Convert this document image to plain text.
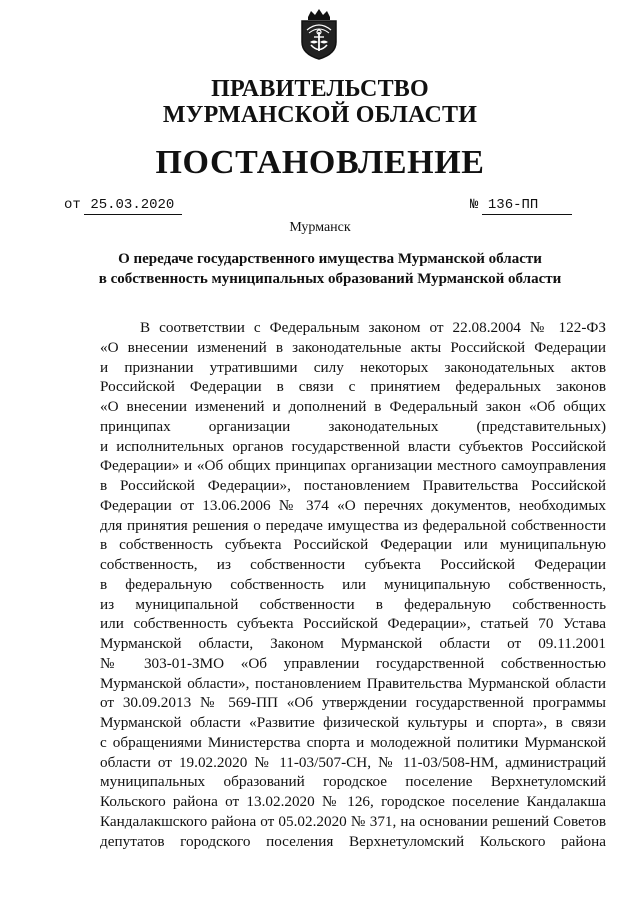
ПРАВИТЕЛЬСТВО
МУРМАНСКОЙ ОБЛАСТИ
ПОСТАНОВЛЕНИЕ
от 25.03.2020	№ 136-ПП
Мурманск
О передаче государственного имущества Мурманской области
в собственность муниципальных образований Мурманской области
В соответствии с Федеральным законом от 22.08.2004 № 122-ФЗ
«О внесении изменений в законодательные акты Российской Федерации
и признании утратившими силу некоторых законодательных актов
Российской Федерации в связи с принятием федеральных законов
«О внесении изменений и дополнений в Федеральный закон «Об общих
принципах организации законодательных (представительных)
и исполнительных органов государственной власти субъектов Российской
Федерации» и «Об общих принципах организации местного самоуправления
в Российской Федерации», постановлением Правительства Российской
Федерации от 13.06.2006 № 374 «О перечнях документов, необходимых
для принятия решения о передаче имущества из федеральной собственности
в собственность субъекта Российской Федерации или муниципальную
собственность, из собственности субъекта Российской Федерации
в федеральную собственность или муниципальную собственность,
из муниципальной собственности в федеральную собственность
или собственность субъекта Российской Федерации», статьей 70 Устава
Мурманской области, Законом Мурманской области от 09.11.2001
№ 303-01-ЗМО «Об управлении государственной собственностью
Мурманской области», постановлением Правительства Мурманской области
от 30.09.2013 № 569-ПП «Об утверждении государственной программы
Мурманской области «Развитие физической культуры и спорта», в связи
с обращениями Министерства спорта и молодежной политики Мурманской
области от 19.02.2020 № 11-03/507-СН, № 11-03/508-НМ, администраций
муниципальных образований городское поселение Верхнетуломский
Кольского района от 13.02.2020 № 126, городское поселение Кандалакша
Кандалакшского района от 05.02.2020 № 371, на основании решений Советов
депутатов городского поселения Верхнетуломский Кольского района
